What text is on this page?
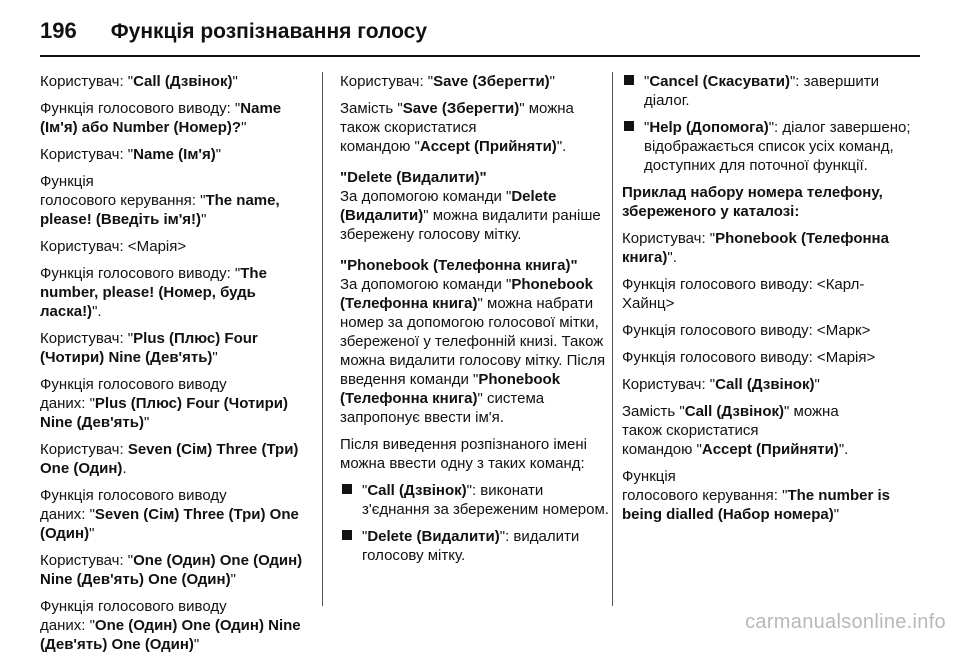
196 Функція розпізнавання голосу

Користувач: "Call (Дзвінок)"

Функція голосового виводу: "Name (Ім'я) або Number (Номер)?"

Користувач: "Name (Ім'я)"

Функція
голосового керування: "The name, please! (Введіть ім'я!)"

Користувач: <Марія>

Функція голосового виводу: "The number, please! (Номер, будь ласка!)".

Користувач: "Plus (Плюс) Four (Чотири) Nine (Дев'ять)"

Функція голосового виводу
даних: "Plus (Плюс) Four (Чотири) Nine (Дев'ять)"

Користувач: Seven (Сім) Three (Три) One (Один).

Функція голосового виводу
даних: "Seven (Сім) Three (Три) One (Один)"

Користувач: "One (Один) One (Один) Nine (Дев'ять) One (Один)"

Функція голосового виводу
даних: "One (Один) One (Один) Nine (Дев'ять) One (Один)"

Користувач: "Save (Зберегти)"

Замість "Save (Зберегти)" можна
також скористатися
командою "Accept (Прийняти)".

"Delete (Видалити)"

За допомогою команди "Delete (Видалити)" можна видалити раніше збережену голосову мітку.

"Phonebook (Телефонна книга)"

За допомогою команди "Phonebook (Телефонна книга)" можна набрати номер за допомогою голосової мітки, збереженої у телефонній книзі. Також можна видалити голосову мітку. Після введення команди "Phonebook (Телефонна книга)" система запропонує ввести ім'я.

Після виведення розпізнаного імені можна ввести одну з таких команд:

"Call (Дзвінок)": виконати з'єднання за збереженим номером.
"Delete (Видалити)": видалити голосову мітку.
"Cancel (Скасувати)": завершити діалог.
"Help (Допомога)": діалог завершено; відображається список усіх команд, доступних для поточної функції.

Приклад набору номера телефону, збереженого у каталозі:

Користувач: "Phonebook (Телефонна книга)".

Функція голосового виводу: <Карл-Хайнц>

Функція голосового виводу: <Марк>

Функція голосового виводу: <Марія>

Користувач: "Call (Дзвінок)"

Замість "Call (Дзвінок)" можна
також скористатися
командою "Accept (Прийняти)".

Функція
голосового керування: "The number is being dialled (Набор номера)"

carmanualsonline.info
